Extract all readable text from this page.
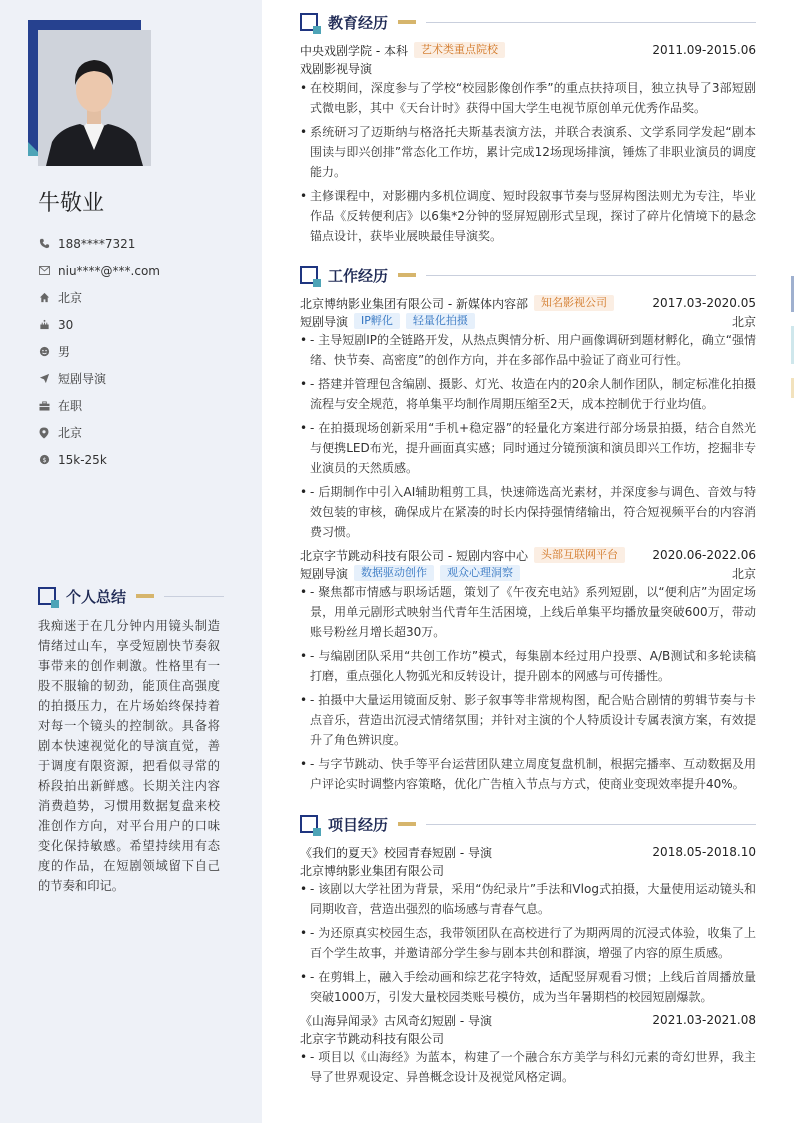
牛敬业
188****7321
niu****@***.com
北京
30
男
短剧导演
在职
北京
$ 15k-25k
个人总结
我痴迷于在几分钟内用镜头制造情绪过山车，享受短剧快节奏叙事带来的创作刺激。性格里有一股不服输的韧劲，能顶住高强度的拍摄压力，在片场始终保持着对每一个镜头的控制欲。具备将剧本快速视觉化的导演直觉，善于调度有限资源，把看似寻常的桥段拍出新鲜感。长期关注内容消费趋势，习惯用数据复盘来校准创作方向，对平台用户的口味变化保持敏感。希望持续用有态度的作品，在短剧领域留下自己的节奏和印记。
教育经历
中央戏剧学院 - 本科	艺术类重点院校	2011.09-2015.06
戏剧影视导演
• 在校期间，深度参与了学校“校园影像创作季”的重点扶持项目，独立执导了3部短剧式微电影，其中《天台计时》获得中国大学生电视节原创单元优秀作品奖。
• 系统研习了迈斯纳与格洛托夫斯基表演方法，并联合表演系、文学系同学发起“剧本围读与即兴创排”常态化工作坊，累计完成12场现场排演，锤炼了非职业演员的调度能力。
• 主修课程中，对影棚内多机位调度、短时段叙事节奏与竖屏构图法则尤为专注，毕业作品《反转便利店》以6集*2分钟的竖屏短剧形式呈现，探讨了碎片化情境下的悬念锚点设计，获毕业展映最佳导演奖。
工作经历
北京博纳影业集团有限公司 - 新媒体内容部	知名影视公司	2017.03-2020.05
短剧导演	IP孵化	轻量化拍摄	北京
• - 主导短剧IP的全链路开发，从热点舆情分析、用户画像调研到题材孵化，确立“强情绪、快节奏、高密度”的创作方向，并在多部作品中验证了商业可行性。
• - 搭建并管理包含编剧、摄影、灯光、妆造在内的20余人制作团队，制定标准化拍摄流程与安全规范，将单集平均制作周期压缩至2天，成本控制优于行业均值。
• - 在拍摄现场创新采用“手机+稳定器”的轻量化方案进行部分场景拍摄，结合自然光与便携LED布光，提升画面真实感；同时通过分镜预演和演员即兴工作坊，挖掘非专业演员的天然质感。
• - 后期制作中引入AI辅助粗剪工具，快速筛选高光素材，并深度参与调色、音效与特效包装的审核，确保成片在紧凑的时长内保持强情绪输出，符合短视频平台的内容消费习惯。
北京字节跳动科技有限公司 - 短剧内容中心	头部互联网平台	2020.06-2022.06
短剧导演	数据驱动创作	观众心理洞察	北京
• - 聚焦都市情感与职场话题，策划了《午夜充电站》系列短剧，以“便利店”为固定场景，用单元剧形式映射当代青年生活困境，上线后单集平均播放量突破600万，带动账号粉丝月增长超30万。
• - 与编剧团队采用“共创工作坊”模式，每集剧本经过用户投票、A/B测试和多轮读稿打磨，重点强化人物弧光和反转设计，提升剧本的网感与可传播性。
• - 拍摄中大量运用镜面反射、影子叙事等非常规构图，配合贴合剧情的剪辑节奏与卡点音乐，营造出沉浸式情绪氛围；并针对主演的个人特质设计专属表演方案，有效提升了角色辨识度。
• - 与字节跳动、快手等平台运营团队建立周度复盘机制，根据完播率、互动数据及用户评论实时调整内容策略，优化广告植入节点与方式，使商业变现效率提升40%。
项目经历
《我们的夏天》校园青春短剧 - 导演	2018.05-2018.10
北京博纳影业集团有限公司
• - 该剧以大学社团为背景，采用“伪纪录片”手法和Vlog式拍摄，大量使用运动镜头和同期收音，营造出强烈的临场感与青春气息。
• - 为还原真实校园生态，我带领团队在高校进行了为期两周的沉浸式体验，收集了上百个学生故事，并邀请部分学生参与剧本共创和群演，增强了内容的原生质感。
• - 在剪辑上，融入手绘动画和综艺花字特效，适配竖屏观看习惯；上线后首周播放量突破1000万，引发大量校园类账号模仿，成为当年暑期档的校园短剧爆款。
《山海异闻录》古风奇幻短剧 - 导演	2021.03-2021.08
北京字节跳动科技有限公司
• - 项目以《山海经》为蓝本，构建了一个融合东方美学与科幻元素的奇幻世界，我主导了世界观设定、异兽概念设计及视觉风格定调。
